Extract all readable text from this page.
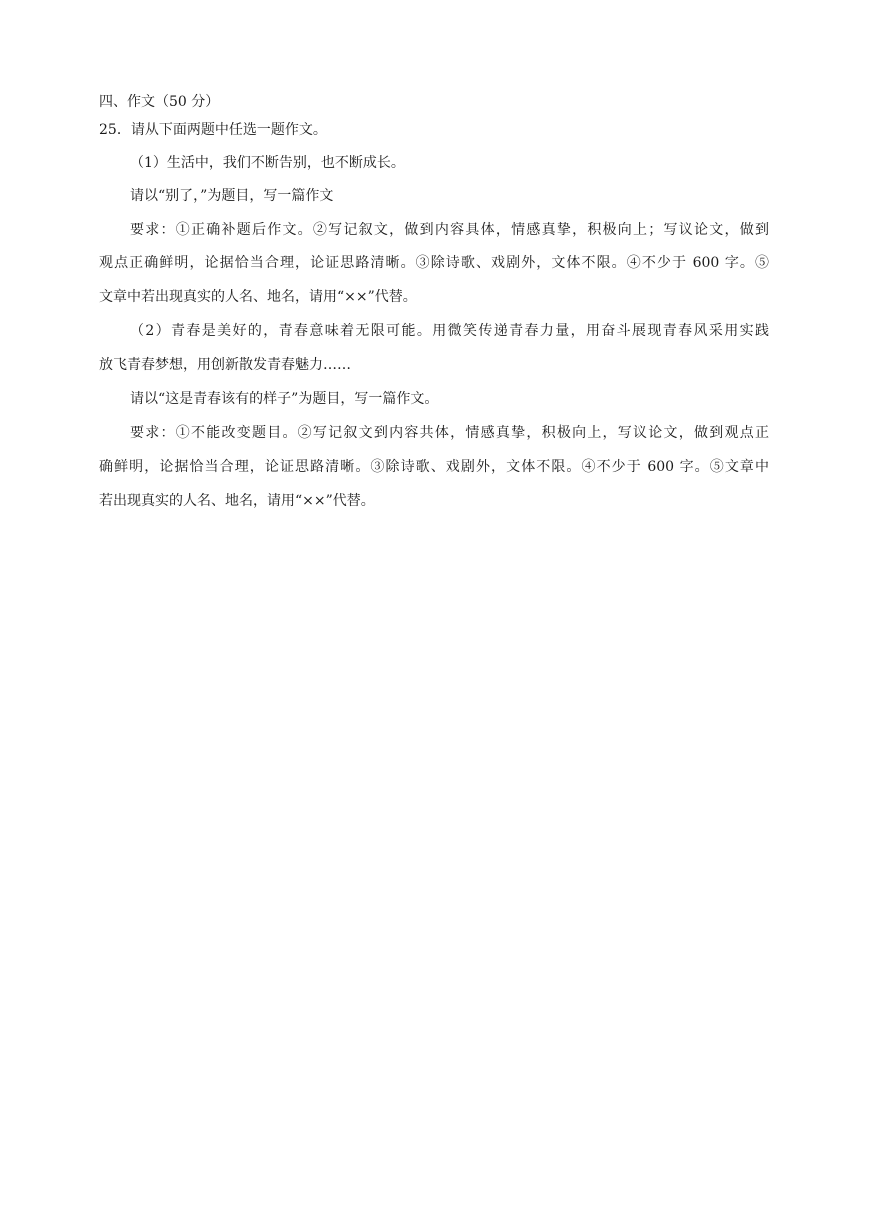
四、作文（50 分）
25．请从下面两题中任选一题作文。
（1）生活中，我们不断告别，也不断成长。
请以“别了，”为题目，写一篇作文
要求：①正确补题后作文。②写记叙文，做到内容具体，情感真挚，积极向上；写议论文，做到
观点正确鲜明，论据恰当合理，论证思路清晰。③除诗歌、戏剧外，文体不限。④不少于 600 字。⑤
文章中若出现真实的人名、地名，请用“××”代替。
（2）青春是美好的，青春意味着无限可能。用微笑传递青春力量，用奋斗展现青春风采用实践
放飞青春梦想，用创新散发青春魅力……
请以“这是青春该有的样子”为题目，写一篇作文。
要求：①不能改变题目。②写记叙文到内容共体，情感真挚，积极向上，写议论文，做到观点正
确鲜明，论据恰当合理，论证思路清晰。③除诗歌、戏剧外，文体不限。④不少于 600 字。⑤文章中
若出现真实的人名、地名，请用“××”代替。
